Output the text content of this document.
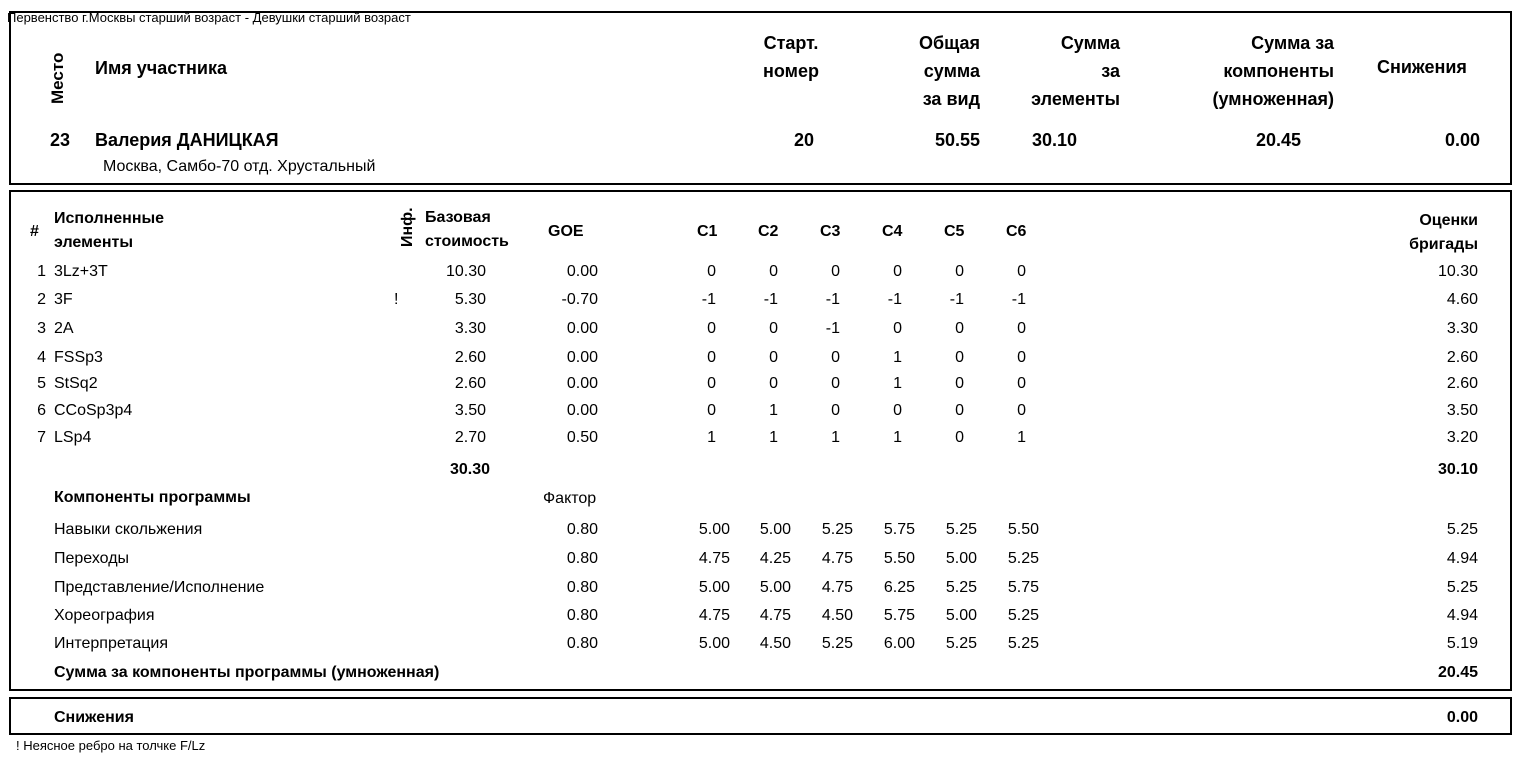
Первенство г.Москвы старший возраст - Девушки старший возраст
Место Имя участника
Старт.
номер
Общая
сумма
за вид
Сумма
за
элементы
Сумма за
компоненты
(умноженная)
Снижения
23 Валерия ДАНИЦКАЯ
Москва, Самбо-70 отд. Хрустальный
20	50.55	30.10	20.45	0.00
#
Исполненные
элементы	Инф. Базовая
стоимость
GOE	C1	C2	C3	C4	C5	C6
Оценки
бригады
1 3Lz+3T	10.30	0.00	0	0	0	0	0	0	10.30
2 3F	!	5.30	-0.70	-1	-1	-1	-1	-1	-1	4.60
3 2A	3.30	0.00	0	0	-1	0	0	0	3.30
4 FSSp3	2.60	0.00	0	0	0	1	0	0	2.60
5 StSq2	2.60	0.00	0	0	0	1	0	0	2.60
6 CCoSp3p4	3.50	0.00	0	1	0	0	0	0	3.50
7 LSp4	2.70	0.50	1	1	1	1	0	1	3.20
30.30	30.10
Компоненты программы	Фактор
Навыки скольжения	0.80	5.00	5.00	5.25	5.75	5.25	5.50	5.25
Переходы	0.80	4.75	4.25	4.75	5.50	5.00	5.25	4.94
Представление/Исполнение	0.80	5.00	5.00	4.75	6.25	5.25	5.75	5.25
Хореография	0.80	4.75	4.75	4.50	5.75	5.00	5.25	4.94
Интерпретация	0.80	5.00	4.50	5.25	6.00	5.25	5.25	5.19
Сумма за компоненты программы (умноженная)	20.45
Снижения	0.00
! Неясное ребро на толчке F/Lz
